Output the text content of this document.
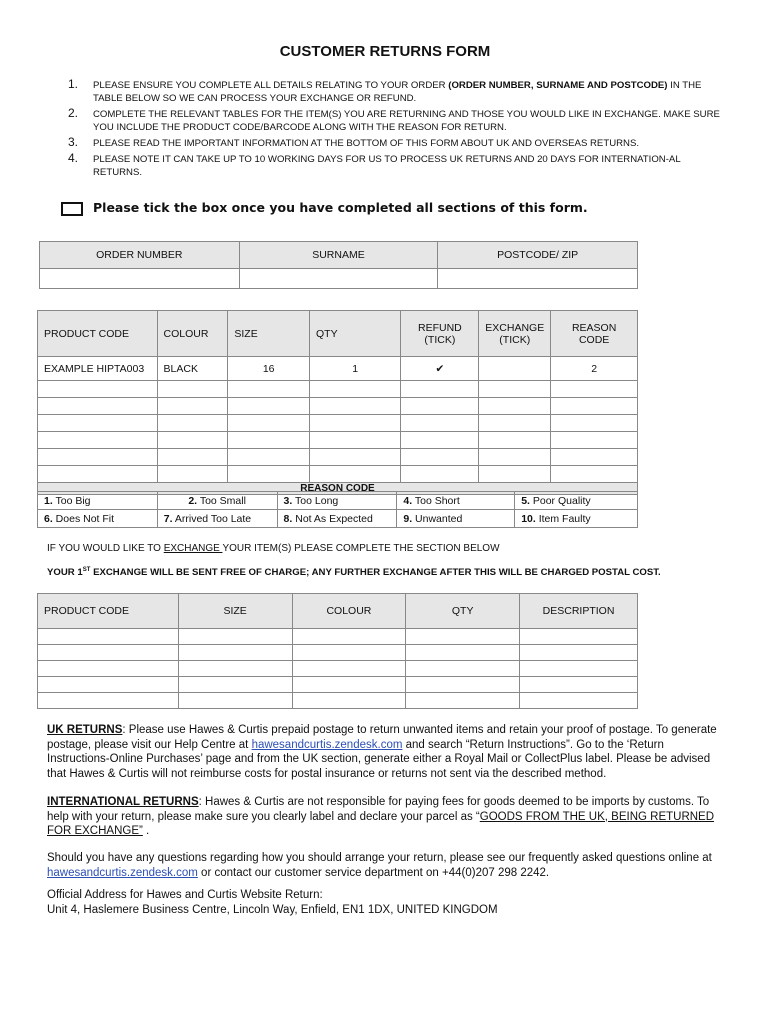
CUSTOMER RETURNS FORM
1. PLEASE ENSURE YOU COMPLETE ALL DETAILS RELATING TO YOUR ORDER (ORDER NUMBER, SURNAME AND POSTCODE) IN THE TABLE BELOW SO WE CAN PROCESS YOUR EXCHANGE OR REFUND.
2. COMPLETE THE RELEVANT TABLES FOR THE ITEM(S) YOU ARE RETURNING AND THOSE YOU WOULD LIKE IN EXCHANGE. MAKE SURE YOU INCLUDE THE PRODUCT CODE/BARCODE ALONG WITH THE REASON FOR RETURN.
3. PLEASE READ THE IMPORTANT INFORMATION AT THE BOTTOM OF THIS FORM ABOUT UK AND OVERSEAS RETURNS.
4. PLEASE NOTE IT CAN TAKE UP TO 10 WORKING DAYS FOR US TO PROCESS UK RETURNS AND 20 DAYS FOR INTERNATION-AL RETURNS.
Please tick the box once you have completed all sections of this form.
ORDER NUMBER	SURNAME	POSTCODE/ ZIP

PRODUCT CODE	COLOUR	SIZE	QTY	REFUND (TICK)	EXCHANGE (TICK)	REASON CODE
EXAMPLE HIPTA003	BLACK	16	1	✔		2

REASON CODE						
1. Too Big	2. Too Small	3. Too Long	4. Too Short	5. Poor Quality
6. Does Not Fit	7. Arrived Too Late	8. Not As Expected	9. Unwanted	10. Item Faulty
IF YOU WOULD LIKE TO EXCHANGE YOUR ITEM(S) PLEASE COMPLETE THE SECTION BELOW
YOUR 1ST EXCHANGE WILL BE SENT FREE OF CHARGE; ANY FURTHER EXCHANGE AFTER THIS WILL BE CHARGED POSTAL COST.
PRODUCT CODE	SIZE	COLOUR	QTY	DESCRIPTION

UK RETURNS: Please use Hawes & Curtis prepaid postage to return unwanted items and retain your proof of postage. To generate postage, please visit our Help Centre at hawesandcurtis.zendesk.com and search “Return Instructions”. Go to the ‘Return Instructions-Online Purchases’ page and from the UK section, generate either a Royal Mail or CollectPlus label. Please be advised that Hawes & Curtis will not reimburse costs for postal insurance or returns not sent via the described method.
INTERNATIONAL RETURNS: Hawes & Curtis are not responsible for paying fees for goods deemed to be imports by customs. To help with your return, please make sure you clearly label and declare your parcel as “GOODS FROM THE UK, BEING RETURNED FOR EXCHANGE” .
Should you have any questions regarding how you should arrange your return, please see our frequently asked questions online at hawesandcurtis.zendesk.com or contact our customer service department on +44(0)207 298 2242.
Official Address for Hawes and Curtis Website Return:
Unit 4, Haslemere Business Centre, Lincoln Way, Enfield, EN1 1DX, UNITED KINGDOM
